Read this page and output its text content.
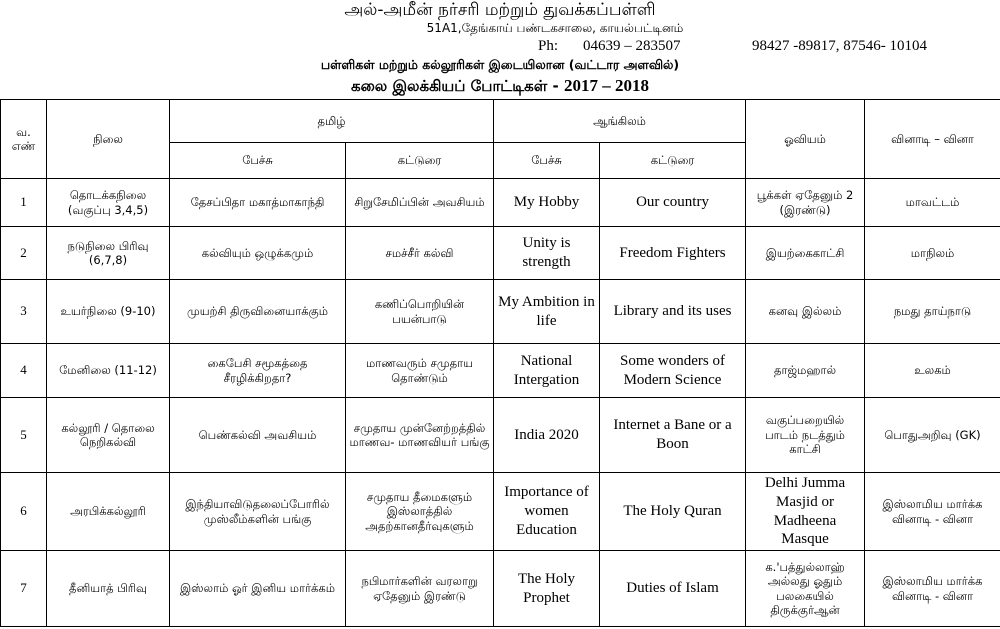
அல்-அமீன் நர்சரி மற்றும் துவக்கப்பள்ளி
51A1,தேங்காய் பண்டகசாலை, காயல்பட்டினம்
Ph: 04639 – 283507	98427 -89817, 87546- 10104
பள்ளிகள் மற்றும் கல்லூரிகள் இடையிலான (வட்டார அளவில்)
கலை இலக்கியப் போட்டிகள் - 2017 – 2018
வ. எண்	நிலை	தமிழ்		ஆங்கிலம்		ஓவியம்	வினாடி – வினா
		பேச்சு	கட்டுரை	பேச்சு	கட்டுரை		
1	தொடக்கநிலை (வகுப்பு 3,4,5)	தேசப்பிதா மகாத்மாகாந்தி	சிறுசேமிப்பின் அவசியம்	My Hobby	Our country	பூக்கள் ஏதேனும் 2 (இரண்டு)	மாவட்டம்
2	நடுநிலை பிரிவு (6,7,8)	கல்வியும் ஒழுக்கமும்	சமச்சீர் கல்வி	Unity is strength	Freedom Fighters	இயற்கைகாட்சி	மாநிலம்
3	உயர்நிலை (9-10)	முயற்சி திருவினையாக்கும்	கணிப்பொறியின் பயன்பாடு	My Ambition in life	Library and its uses	கனவு இல்லம்	நமது தாய்நாடு
4	மேனிலை (11-12)	கைபேசி சமூகத்தை சீரழிக்கிறதா?	மாணவரும் சமுதாய தொண்டும்	National Intergation	Some wonders of Modern Science	தாஜ்மஹால்	உலகம்
5	கல்லூரி / தொலை நெறிகல்வி	பெண்கல்வி அவசியம்	சமுதாய முன்னேற்றத்தில் மாணவ- மாணவியர் பங்கு	India 2020	Internet a Bane or a Boon	வகுப்பறையில் பாடம் நடத்தும் காட்சி	பொதுஅறிவு (GK)
6	அரபிக்கல்லூரி	இந்தியாவிடுதலைப்போரில் முஸ்லீம்களின் பங்கு	சமுதாய தீமைகளும் இஸ்லாத்தில் அதற்கானதீர்வுகளும்	Importance of women Education	The Holy Quran	Delhi Jumma Masjid or Madheena Masque	இஸ்லாமிய மார்க்க வினாடி - வினா
7	தீனியாத் பிரிவு	இஸ்லாம் ஓர் இனிய மார்க்கம்	நபிமார்களின் வரலாறு ஏதேனும் இரண்டு	The Holy Prophet	Duties of Islam	க.'பத்துல்லாஹ் அல்லது ஓதும் பலகையில் திருக்குர்ஆன்	இஸ்லாமிய மார்க்க வினாடி - வினா
